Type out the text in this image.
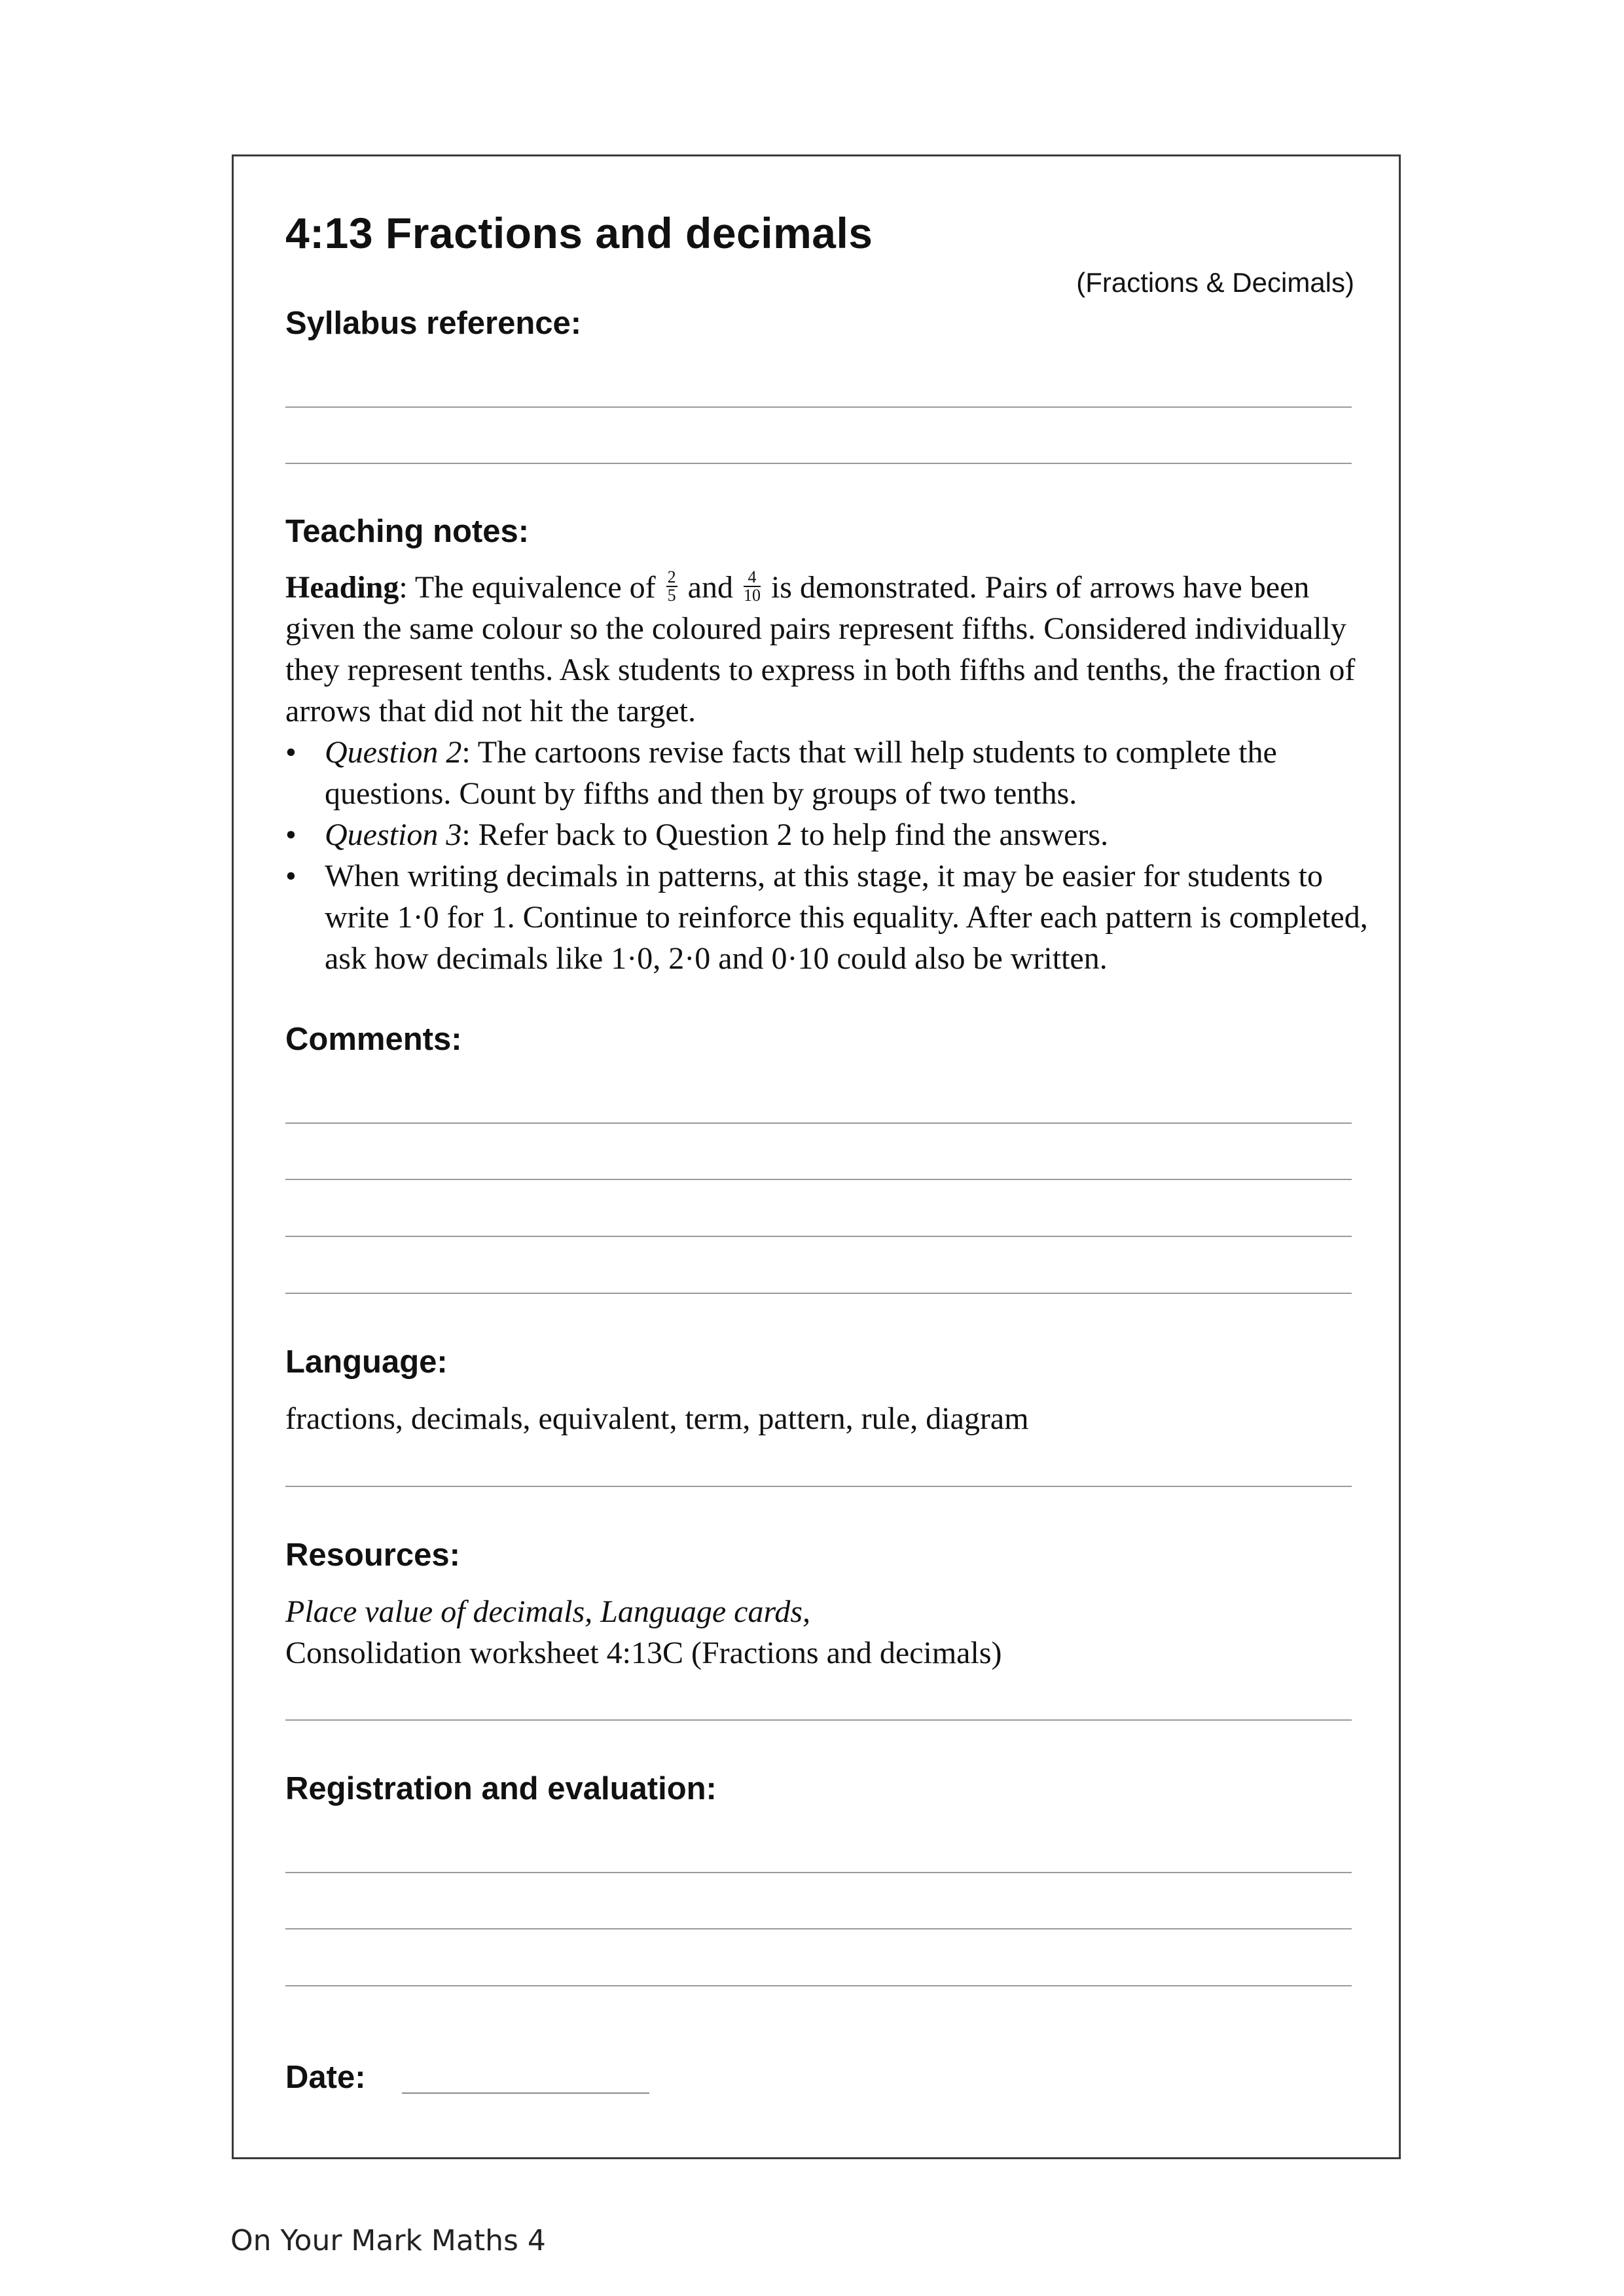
4:13 Fractions and decimals
(Fractions & Decimals)
Syllabus reference:
Teaching notes:

Heading: The equivalence of $\frac{2}{5}$ and $\frac{4}{10}$ is demonstrated. Pairs of arrows have been given the same colour so the coloured pairs represent fifths. Considered individually they represent tenths. Ask students to express in both fifths and tenths, the fraction of arrows that did not hit the target.

• Question 2: The cartoons revise facts that will help students to complete the questions. Count by fifths and then by groups of two tenths.
• Question 3: Refer back to Question 2 to help find the answers.
• When writing decimals in patterns, at this stage, it may be easier for students to write 1·0 for 1. Continue to reinforce this equality. After each pattern is completed, ask how decimals like 1·0, 2·0 and 0·10 could also be written.
Comments:
Language:
fractions, decimals, equivalent, term, pattern, rule, diagram
Resources:
Place value of decimals, Language cards,
Consolidation worksheet 4:13C (Fractions and decimals)
Registration and evaluation:
Date:
On Your Mark Maths 4
